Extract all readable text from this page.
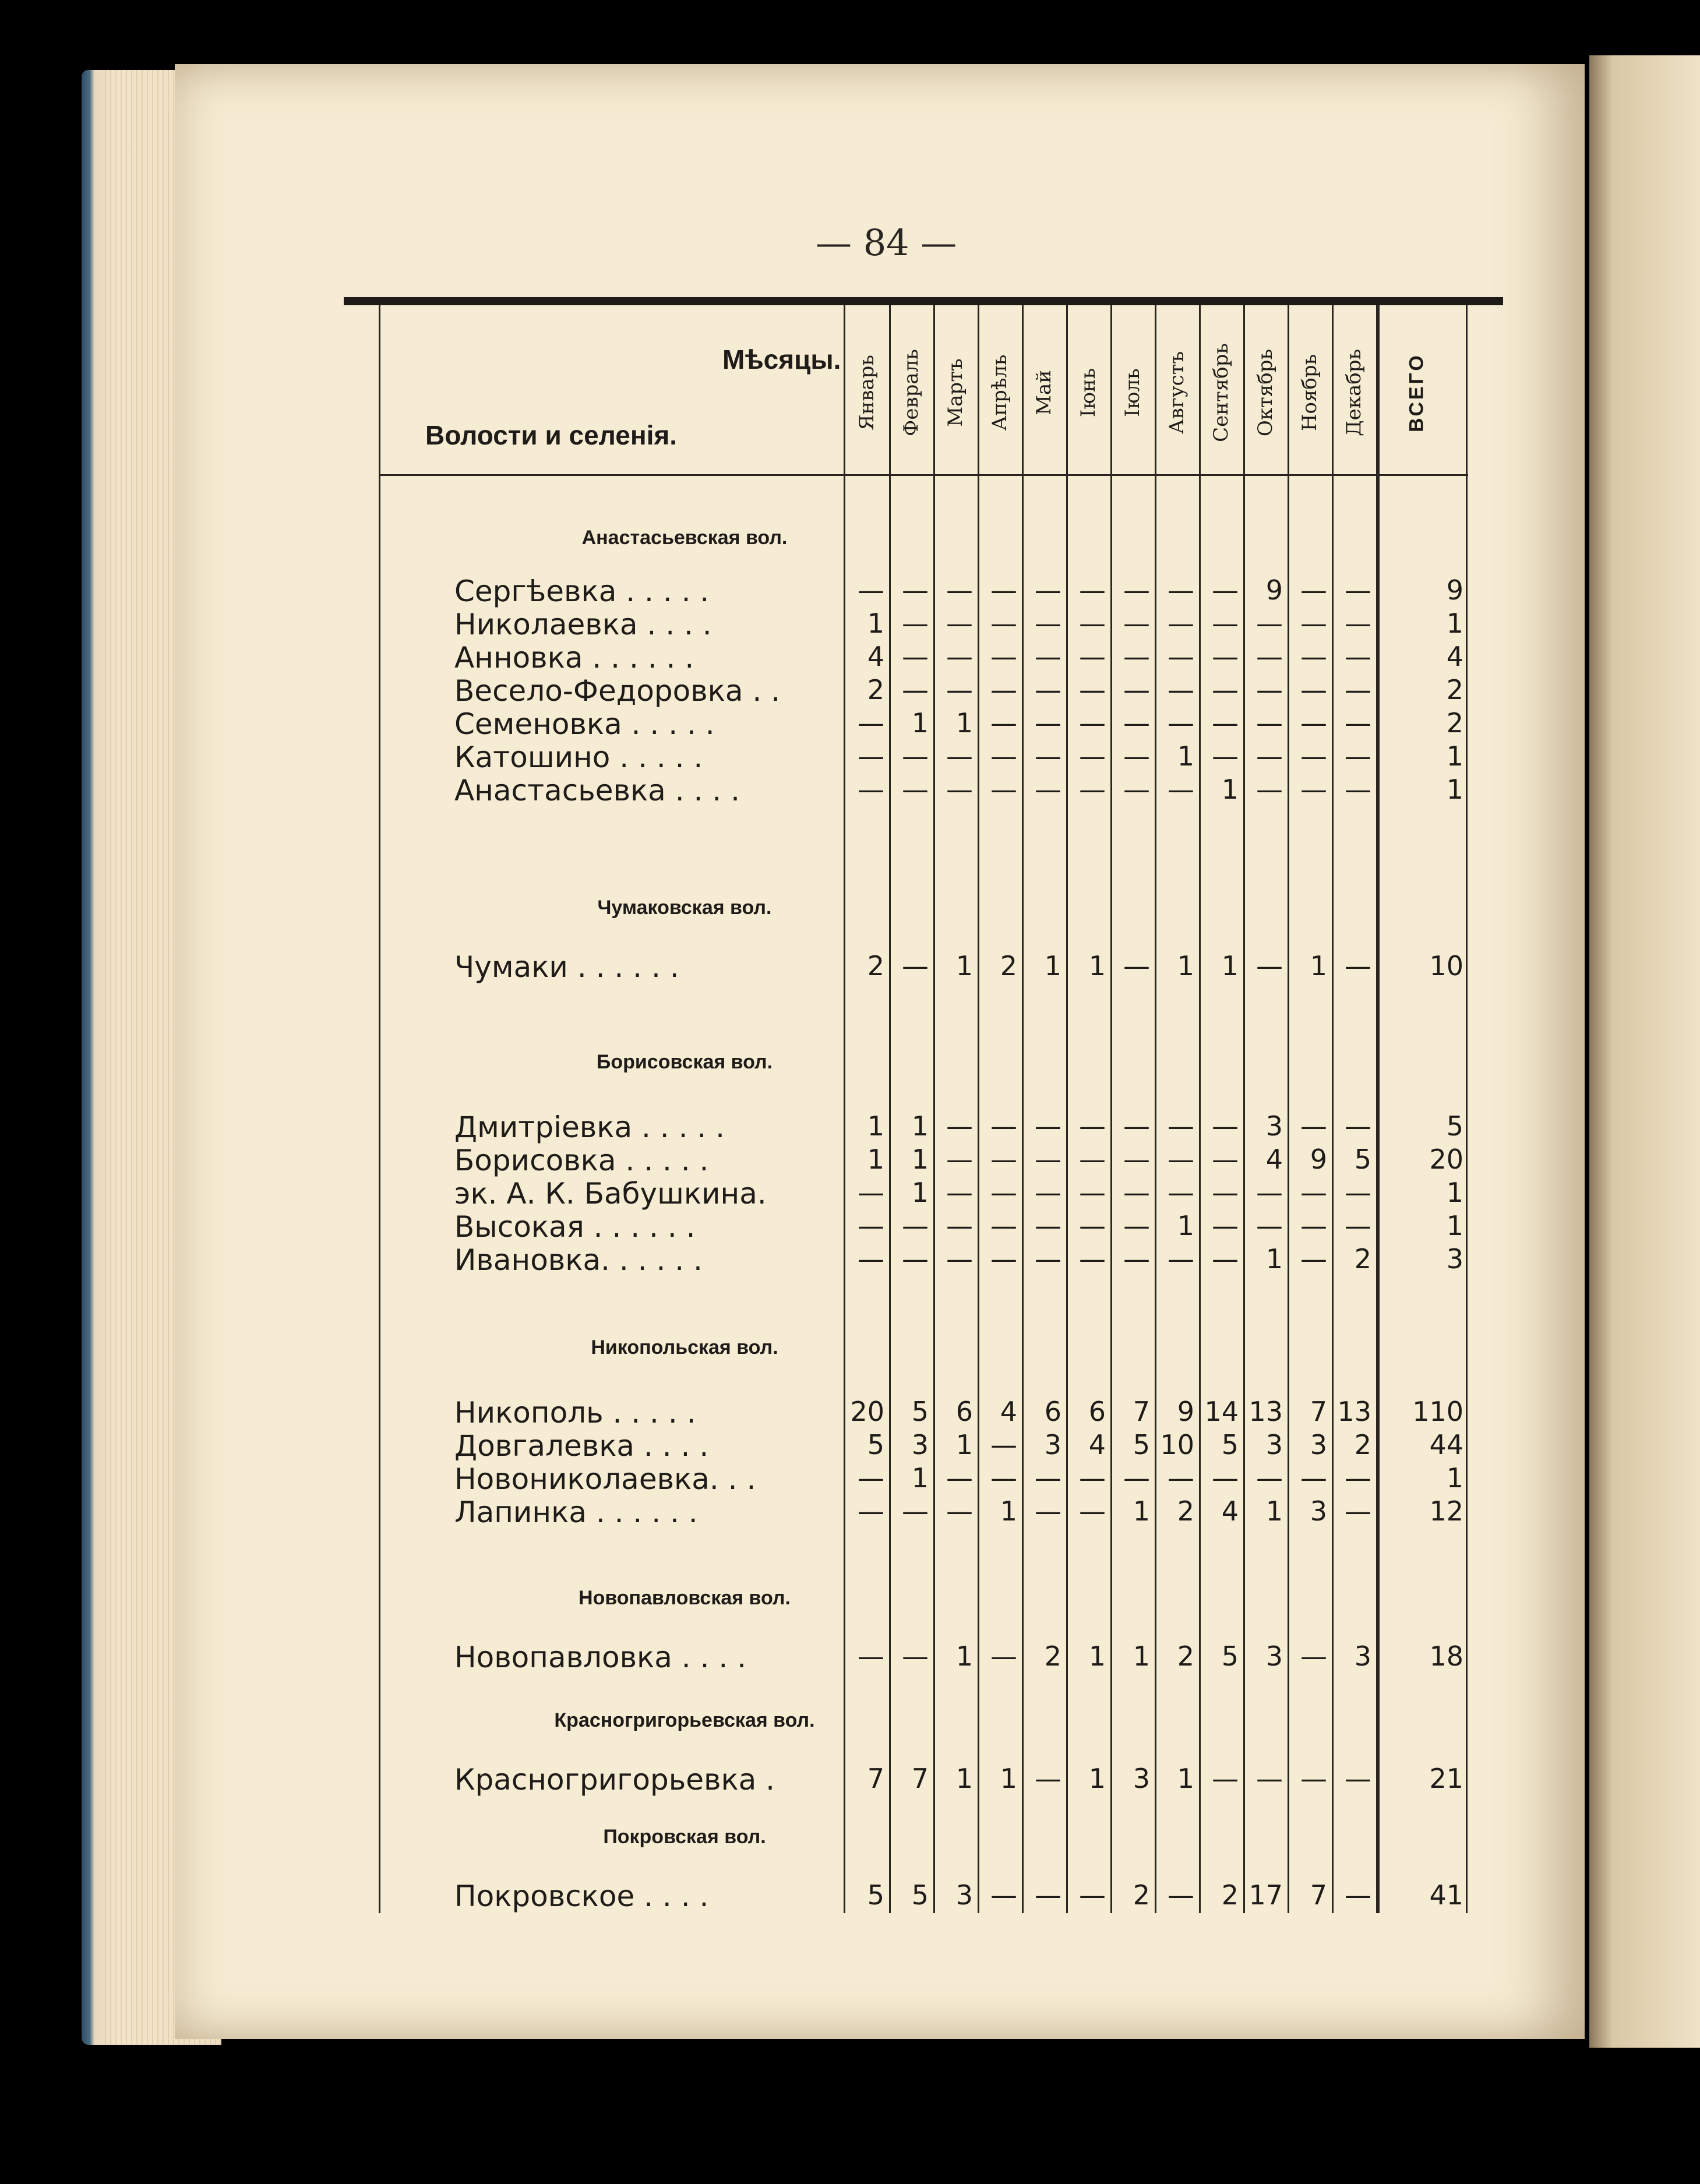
— 84 —
Мѣсяцы.
Волости и селенія.
Январь Февраль Мартъ Апрѣль Май Іюнь Іюль Августъ Сентябрь Октябрь Ноябрь Декабрь ВСЕГО
Анастасьевская вол.
Сергѣевка . . . . .	— — — — — — — — —	9 — —	9
Николаевка . . . .	1 — — — — — — — — — — —	1
Анновка . . . . . .	4 — — — — — — — — — — —	4
Весело-Федоровка . .	2 — — — — — — — — — — —	2
Семеновка . . . . .	—	1	1 — — — — — — — — —	2
Катошино . . . . .	— — — — — — —	1 — — — —	1
Анастасьевка . . . .	— — — — — — — —	1 — — —	1
Чумаковская вол.
Чумаки . . . . . .	2 —	1	2	1	1 —	1	1 —	1 —	10
Борисовская вол.
Дмитріевка . . . . .	1	1 — — — — — — —	3 — —	5
Борисовка . . . . .	1	1 — — — — — — —	4	9	5	20
эк. А. К. Бабушкина.	—	1 — — — — — — — — — —	1
Высокая . . . . . .	— — — — — — —	1 — — — —	1
Ивановка. . . . . .	— — — — — — — — —	1 —	2	3
Никопольская вол.
Никополь . . . . .	20	5	6	4	6	6	7	9 14 13	7 13	110
Довгалевка . . . .	5	3	1 —	3	4	5 10	5	3	3	2	44
Новониколаевка. . .	—	1 — — — — — — — — — —	1
Лапинка . . . . . .	— — —	1 — —	1	2	4	1	3 —	12
Новопавловская вол.
Новопавловка . . . .	— —	1 —	2	1	1	2	5	3 —	3	18
Красногригорьевская вол.
Красногригорьевка .	7	7	1	1 —	1	3	1 — — — —	21
Покровская вол.
Покровское . . . .	5	5	3 — — —	2 —	2 17	7 —	41
